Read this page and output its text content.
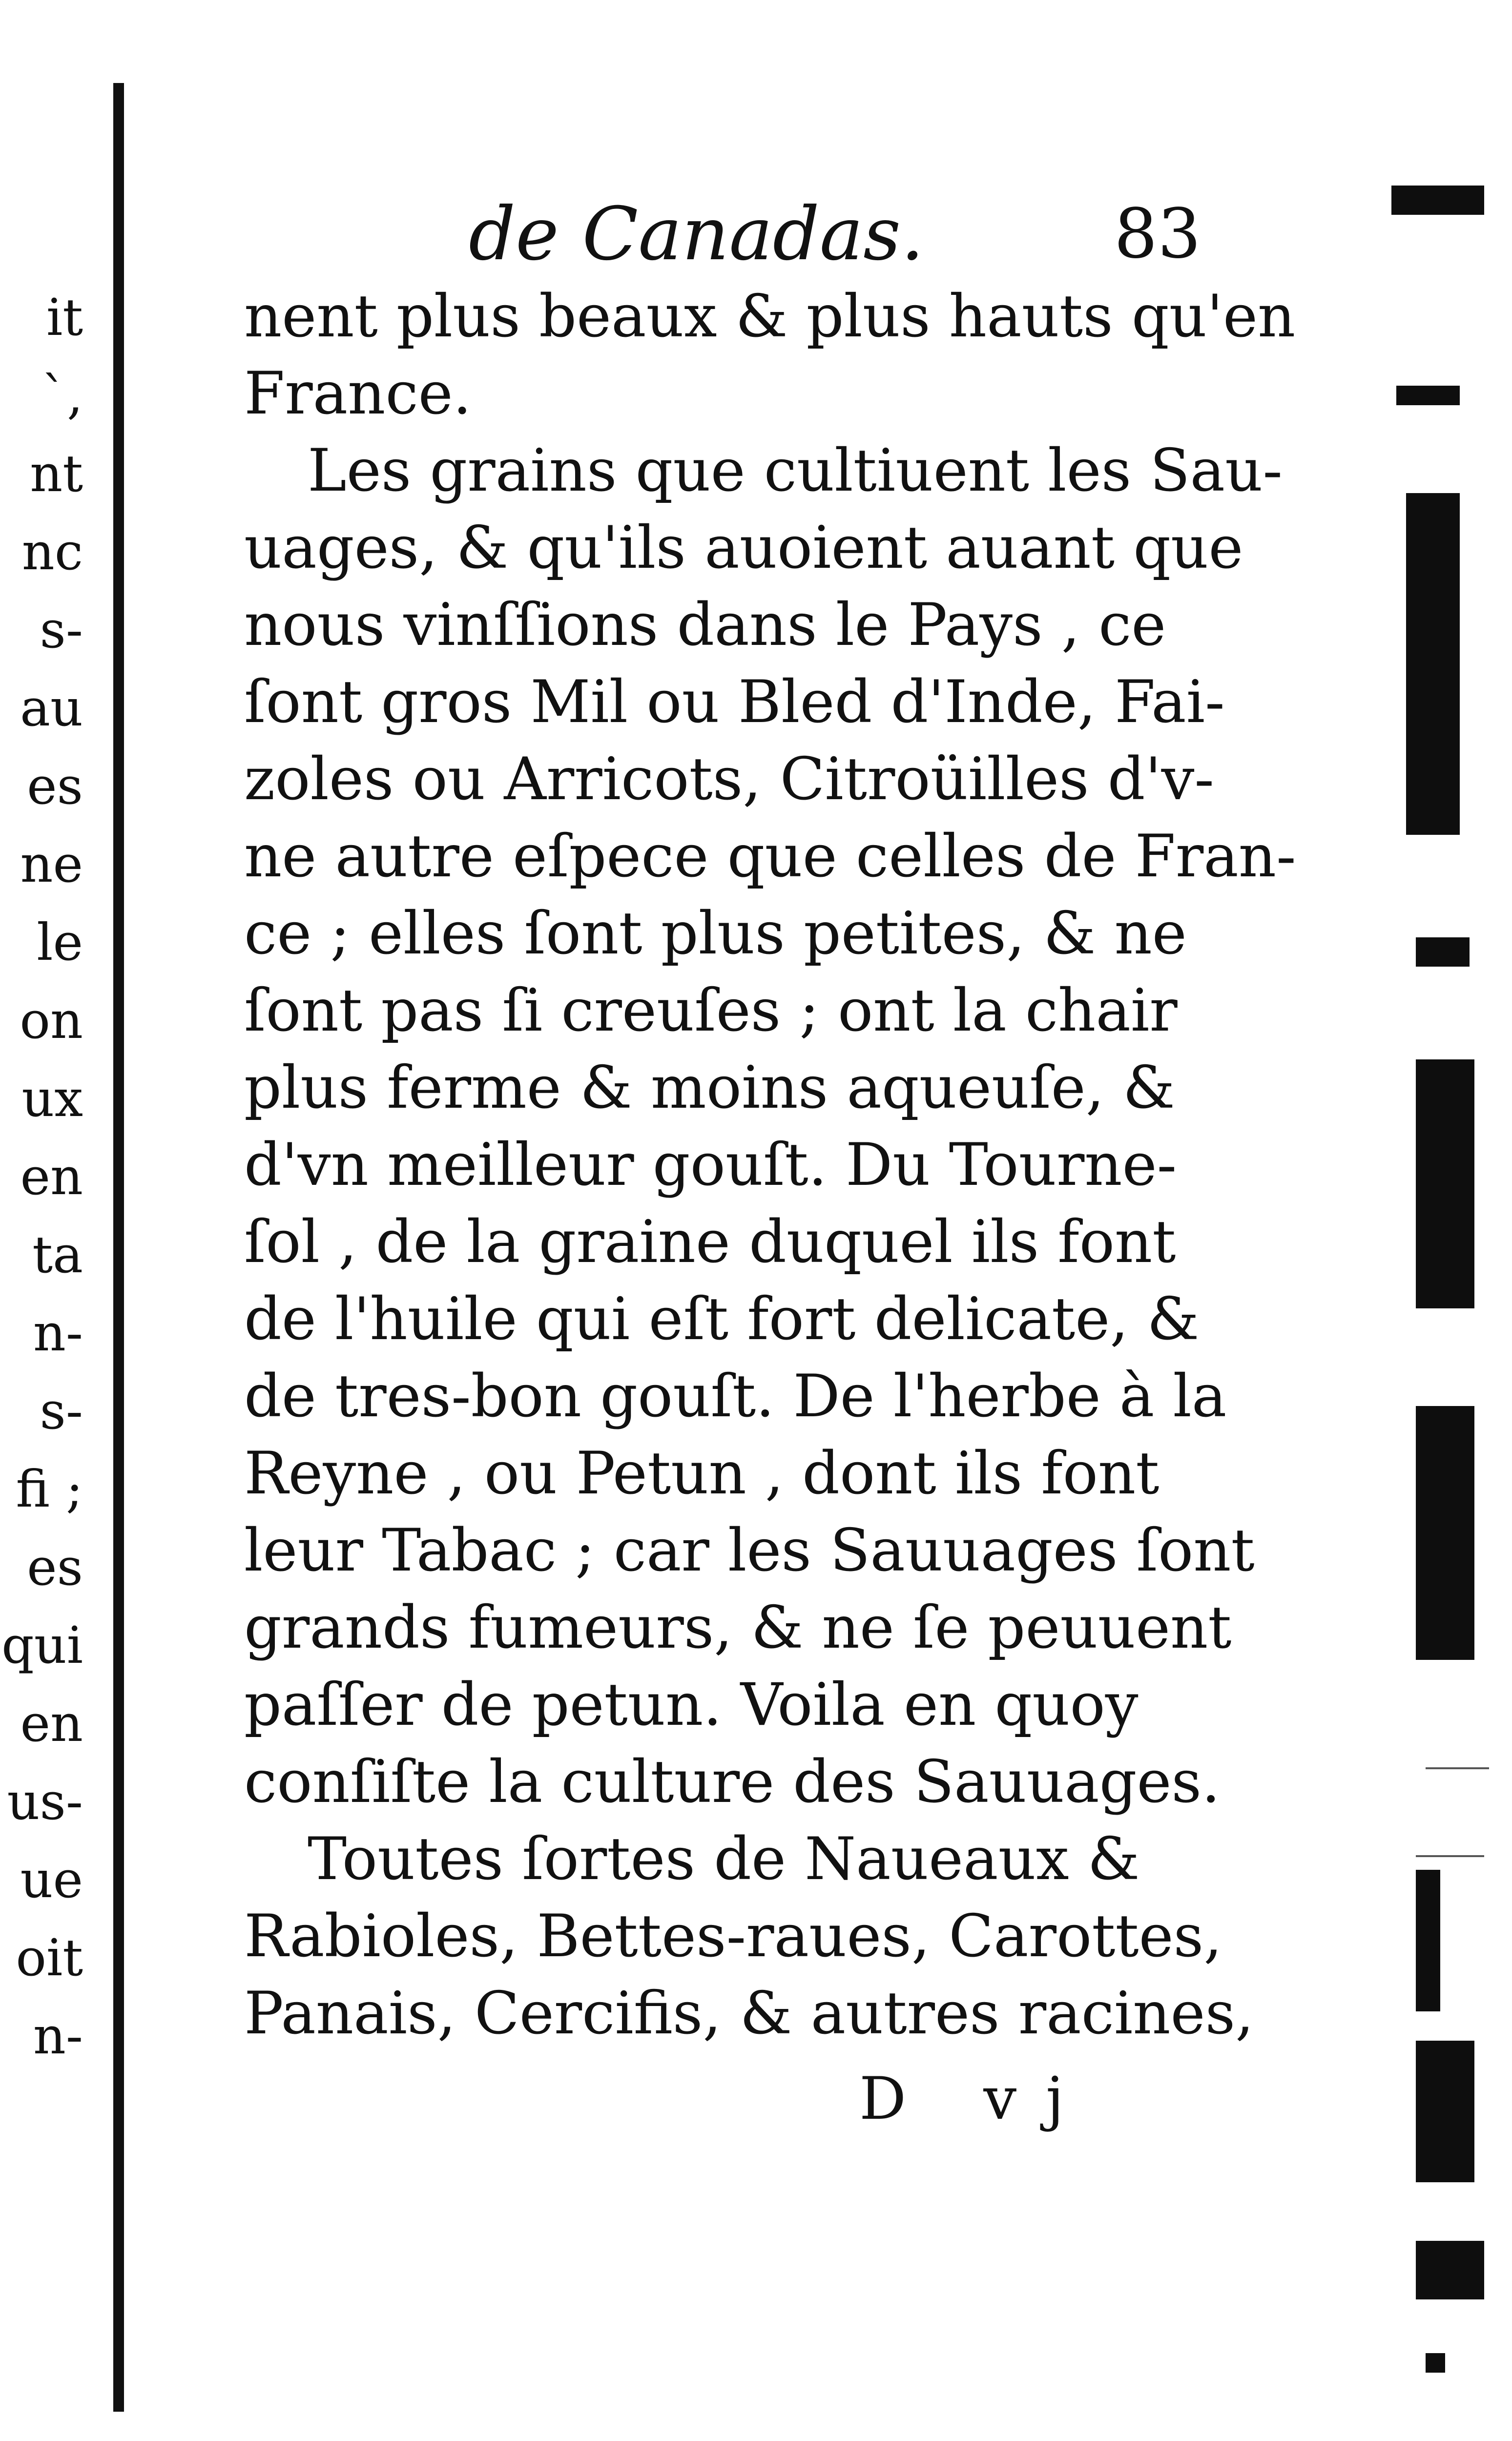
it
`,
nt
nc
s-
au
es
ne
le
on
ux
en
ta
n-
s-
fi ;
es
qui
en
us-
ue
oit
n-
de Canadas.	83
nent plus beaux & plus hauts qu'en
France.
Les grains que cultiuent les Sau-
uages, & qu'ils auoient auant que
nous vinſſions dans le Pays , ce
ſont gros Mil ou Bled d'Inde, Fai-
zoles ou Arricots, Citroüilles d'v-
ne autre eſpece que celles de Fran-
ce ; elles ſont plus petites, & ne
ſont pas ſi creuſes ; ont la chair
plus ferme & moins aqueuſe, &
d'vn meilleur gouſt. Du Tourne-
ſol , de la graine duquel ils font
de l'huile qui eſt fort delicate, &
de tres-bon gouſt. De l'herbe à la
Reyne , ou Petun , dont ils font
leur Tabac ; car les Sauuages ſont
grands fumeurs, & ne ſe peuuent
paſſer de petun. Voila en quoy
conſiſte la culture des Sauuages.
Toutes ſortes de Naueaux &
Rabioles, Bettes-raues, Carottes,
Panais, Cercifis, & autres racines,
D vj
